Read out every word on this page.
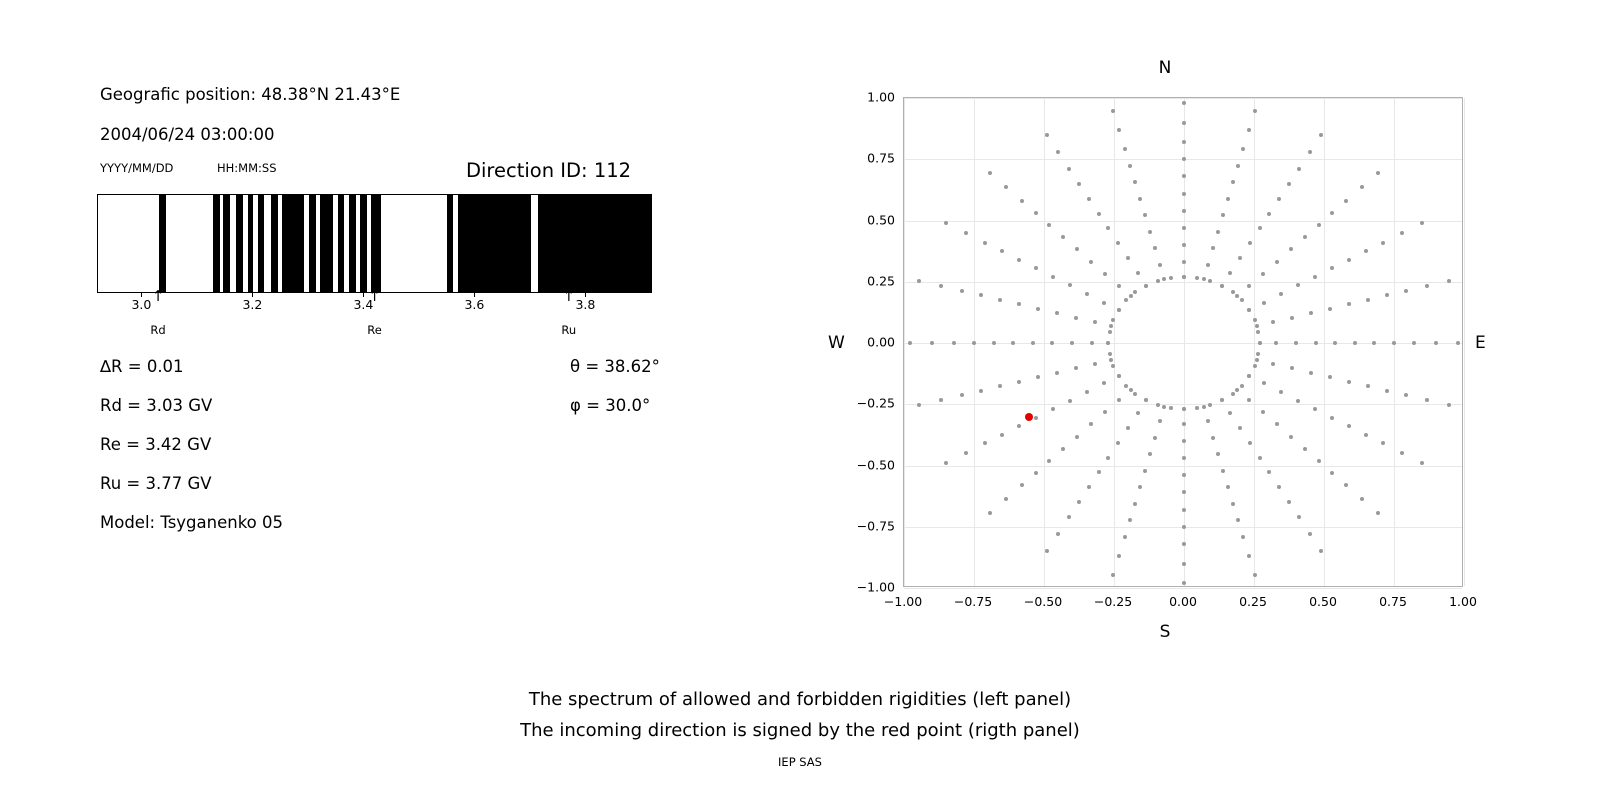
Geografic position: 48.38°N 21.43°E
2004/06/24 03:00:00
YYYY/MM/DD	HH:MM:SS	Direction ID: 112
3.0	3.2	3.4	3.6	3.8
↑
Rd
↑
Re
↑
Ru
∆R = 0.01
Rd = 3.03 GV
Re = 3.42 GV
Ru = 3.77 GV
Model: Tsyganenko 05
θ = 38.62°
φ = 30.0°
N
S
W	E
−1.00	−0.75	−0.50	−0.25	0.00	0.25	0.50	0.75	1.00
−1.00
−0.75
−0.50
−0.25
0.00
0.25
0.50
0.75
1.00
The spectrum of allowed and forbidden rigidities (left panel)
The incoming direction is signed by the red point (rigth panel)
IEP SAS
